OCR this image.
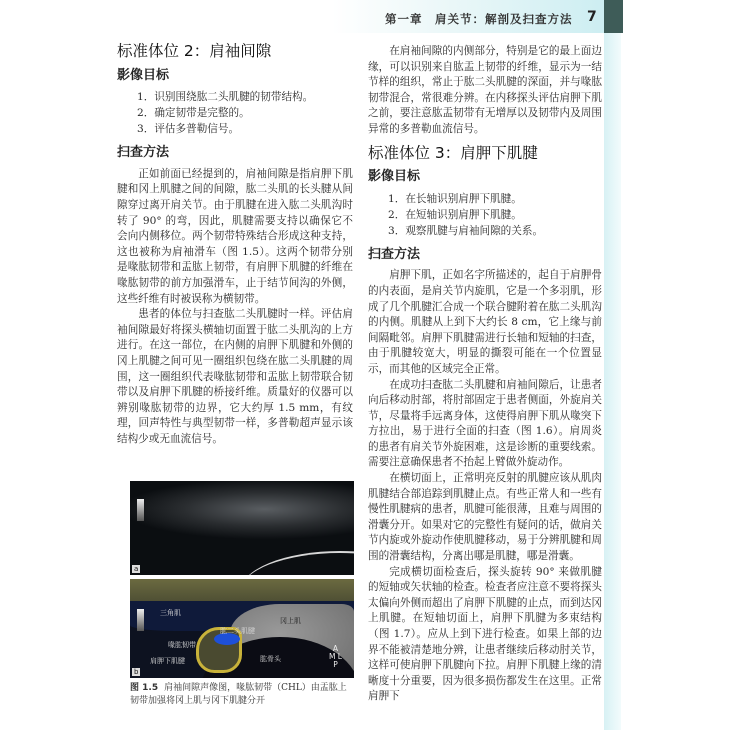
第一章　肩关节：解剖及扫查方法 7
标准体位 2：肩袖间隙
影像目标
1．识别围绕肱二头肌腱的韧带结构。
2．确定韧带是完整的。
3．评估多普勒信号。
扫查方法

正如前面已经提到的，肩袖间隙是指肩胛下肌腱和冈上肌腱之间的间隙，肱二头肌的长头腱从间隙穿过离开肩关节。由于肌腱在进入肱二头肌沟时转了 90° 的弯，因此，肌腱需要支持以确保它不会向内侧移位。两个韧带特殊结合形成这种支持，这也被称为肩袖滑车（图 1.5）。这两个韧带分别是喙肱韧带和盂肱上韧带，有肩胛下肌腱的纤维在喙肱韧带的前方加强滑车，止于结节间沟的外侧，这些纤维有时被误称为横韧带。

患者的体位与扫查肱二头肌腱时一样。评估肩袖间隙最好将探头横轴切面置于肱二头肌沟的上方进行。在这一部位，在内侧的肩胛下肌腱和外侧的冈上肌腱之间可见一圈组织包绕在肱二头肌腱的周围，这一圈组织代表喙肱韧带和盂肱上韧带联合韧带以及肩胛下肌腱的桥接纤维。质量好的仪器可以辨别喙肱韧带的边界，它大约厚 1.5 mm，有纹理，回声特性与典型韧带一样，多普勒超声显示该结构少或无血流信号。

a
三角肌
冈上肌
肱二头肌腱
喙肱韧带
肩胛下肌腱	肱骨头
A
M L
P
b
图 1.5 肩袖间隙声像图，喙肱韧带（CHL）由盂肱上韧带加强将冈上肌与冈下肌腱分开

在肩袖间隙的内侧部分，特别是它的最上面边缘，可以识别来自肱盂上韧带的纤维，显示为一结节样的组织，常止于肱二头肌腱的深面，并与喙肱韧带混合，常很难分辨。在内移探头评估肩胛下肌之前，要注意肱盂韧带有无增厚以及韧带内及周围异常的多普勒血流信号。

标准体位 3：肩胛下肌腱
影像目标
1．在长轴识别肩胛下肌腱。
2．在短轴识别肩胛下肌腱。
3．观察肌腱与肩袖间隙的关系。
扫查方法

肩胛下肌，正如名字所描述的，起自于肩胛骨的内表面，是肩关节内旋肌，它是一个多羽肌，形成了几个肌腱汇合成一个联合腱附着在肱二头肌沟的内侧。肌腱从上到下大约长 8 cm，它上缘与前间隔毗邻。肩胛下肌腱需进行长轴和短轴的扫查，由于肌腱较宽大，明显的撕裂可能在一个位置显示，而其他的区域完全正常。

在成功扫查肱二头肌腱和肩袖间隙后，让患者向后移动肘部，将肘部固定于患者侧面，外旋肩关节，尽量将手远离身体，这使得肩胛下肌从喙突下方拉出，易于进行全面的扫查（图 1.6）。肩周炎的患者有肩关节外旋困难，这是诊断的重要线索。需要注意确保患者不抬起上臂做外旋动作。

在横切面上，正常明亮反射的肌腱应该从肌肉肌腱结合部追踪到肌腱止点。有些正常人和一些有慢性肌腱病的患者，肌腱可能很薄，且难与周围的滑囊分开。如果对它的完整性有疑问的话，做肩关节内旋或外旋动作使肌腱移动，易于分辨肌腱和周围的滑囊结构，分离出哪是肌腱，哪是滑囊。

完成横切面检查后，探头旋转 90° 来做肌腱的短轴或矢状轴的检查。检查者应注意不要将探头太偏向外侧而超出了肩胛下肌腱的止点，而到达冈上肌腱。在短轴切面上，肩胛下肌腱为多束结构（图 1.7）。应从上到下进行检查。如果上部的边界不能被清楚地分辨，让患者继续后移动肘关节，这样可使肩胛下肌腱向下拉。肩胛下肌腱上缘的清晰度十分重要，因为很多损伤都发生在这里。正常肩胛下
